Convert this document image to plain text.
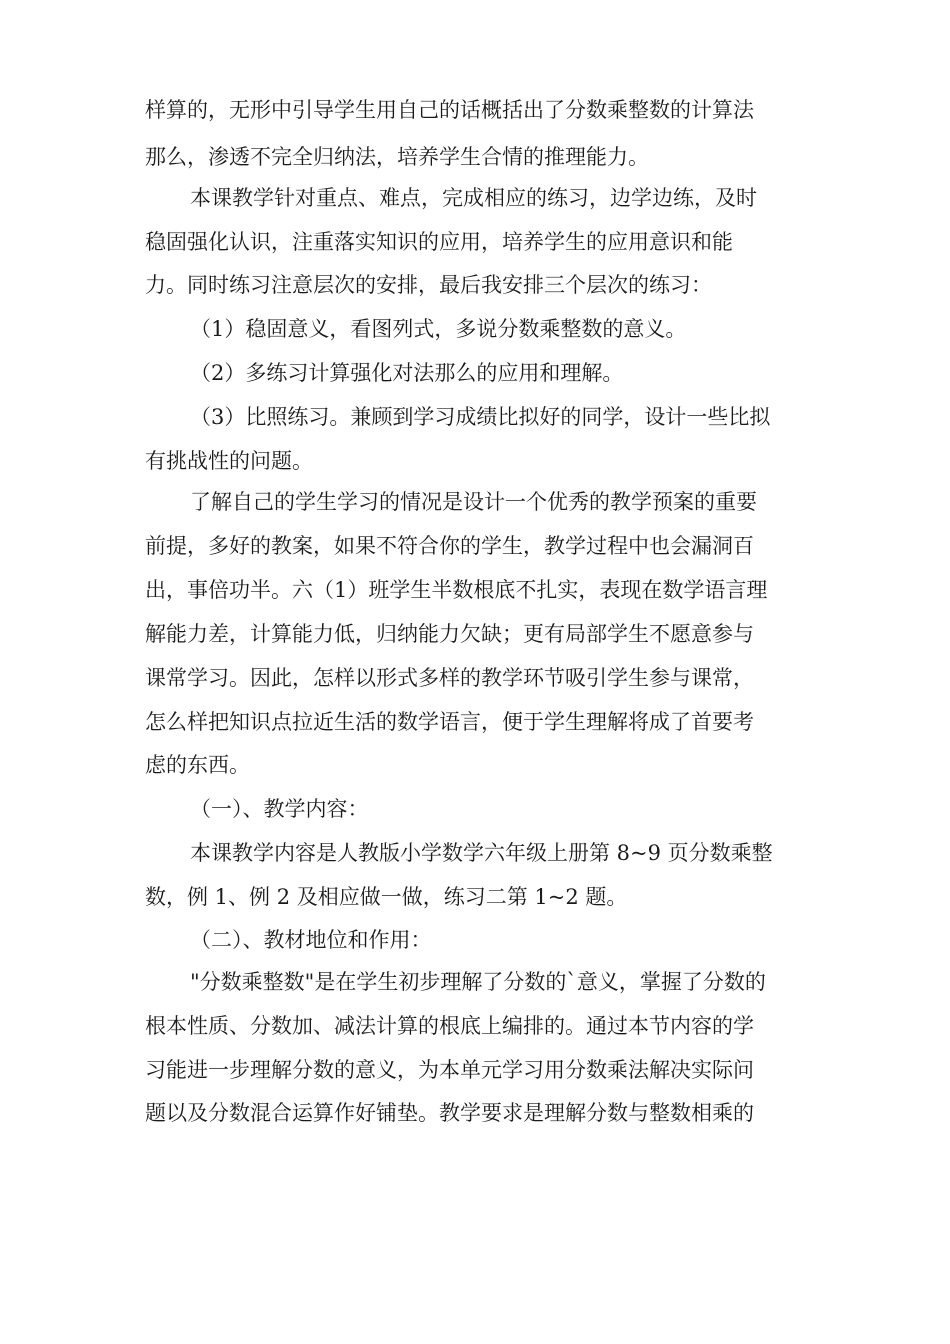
样算的，无形中引导学生用自己的话概括出了分数乘整数的计算法

那么，渗透不完全归纳法，培养学生合情的推理能力。

本课教学针对重点、难点，完成相应的练习，边学边练，及时

稳固强化认识，注重落实知识的应用，培养学生的应用意识和能

力。同时练习注意层次的安排，最后我安排三个层次的练习：

（1）稳固意义，看图列式，多说分数乘整数的意义。

（2）多练习计算强化对法那么的应用和理解。

（3）比照练习。兼顾到学习成绩比拟好的同学，设计一些比拟

有挑战性的问题。

了解自己的学生学习的情况是设计一个优秀的教学预案的重要

前提，多好的教案，如果不符合你的学生，教学过程中也会漏洞百

出，事倍功半。六（1）班学生半数根底不扎实，表现在数学语言理

解能力差，计算能力低，归纳能力欠缺；更有局部学生不愿意参与

课常学习。因此，怎样以形式多样的教学环节吸引学生参与课常，

怎么样把知识点拉近生活的数学语言，便于学生理解将成了首要考

虑的东西。

（一）、教学内容：

本课教学内容是人教版小学数学六年级上册第 8~9 页分数乘整

数，例 1、例 2 及相应做一做，练习二第 1~2 题。

（二）、教材地位和作用：

"分数乘整数"是在学生初步理解了分数的`意义，掌握了分数的

根本性质、分数加、减法计算的根底上编排的。通过本节内容的学

习能进一步理解分数的意义，为本单元学习用分数乘法解决实际问

题以及分数混合运算作好铺垫。教学要求是理解分数与整数相乘的
